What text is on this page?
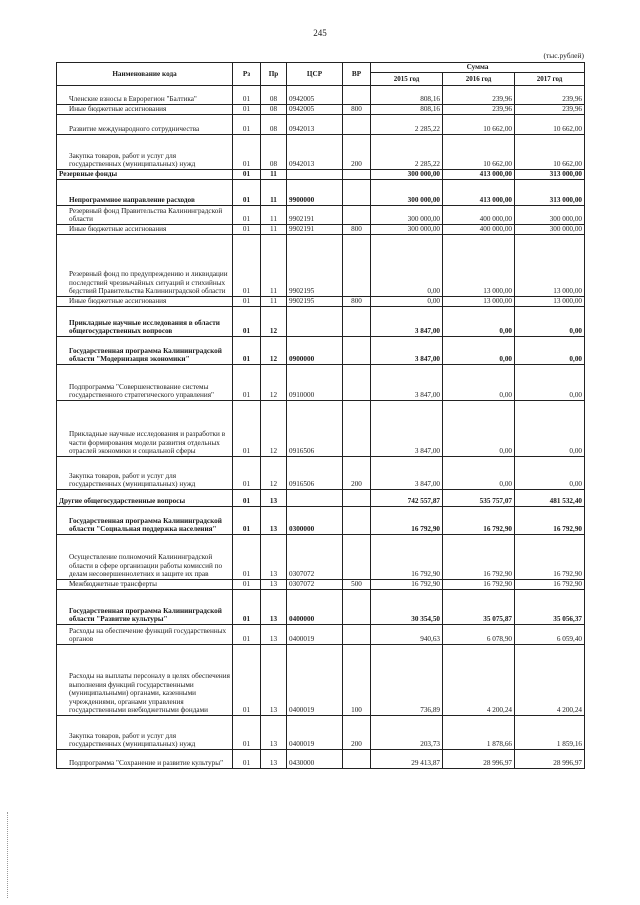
245
(тыс.рублей)
Наименование кода	Рз	Пр	ЦСР	ВР	Сумма		
					2015 год	2016 год	2017 год

Членские взносы в Еврорегион "Балтика"	01	08	0942005		808,16	239,96	239,96
Иные бюджетные ассигнования	01	08	0942005	800	808,16	239,96	239,96
Развитие международного сотрудничества	01	08	0942013		2 285,22	10 662,00	10 662,00
Закупка товаров, работ и услуг для государственных (муниципальных) нужд	01	08	0942013	200	2 285,22	10 662,00	10 662,00
Резервные фонды	01	11			300 000,00	413 000,00	313 000,00
Непрограммное направление расходов	01	11	9900000		300 000,00	413 000,00	313 000,00
Резервный фонд Правительства Калининградской области	01	11	9902191		300 000,00	400 000,00	300 000,00
Иные бюджетные ассигнования	01	11	9902191	800	300 000,00	400 000,00	300 000,00
Резервный фонд по предупреждению и ликвидации последствий чрезвычайных ситуаций и стихийных бедствий Правительства Калининградской области	01	11	9902195		0,00	13 000,00	13 000,00
Иные бюджетные ассигнования	01	11	9902195	800	0,00	13 000,00	13 000,00
Прикладные научные исследования в области общегосударственных вопросов	01	12			3 847,00	0,00	0,00
Государственная программа Калининградской области "Модернизация экономики"	01	12	0900000		3 847,00	0,00	0,00
Подпрограмма "Совершенствование системы государственного стратегического управления"	01	12	0910000		3 847,00	0,00	0,00
Прикладные научные исследования и разработки в части формирования модели развития отдельных отраслей экономики и социальной сферы	01	12	0916506		3 847,00	0,00	0,00
Закупка товаров, работ и услуг для государственных (муниципальных) нужд	01	12	0916506	200	3 847,00	0,00	0,00
Другие общегосударственные вопросы	01	13			742 557,87	535 757,07	481 532,40
Государственная программа Калининградской области "Социальная поддержка населения"	01	13	0300000		16 792,90	16 792,90	16 792,90
Осуществление полномочий Калининградской области в сфере организации работы комиссий по делам несовершеннолетних и защите их прав	01	13	0307072		16 792,90	16 792,90	16 792,90
Межбюджетные трансферты	01	13	0307072	500	16 792,90	16 792,90	16 792,90
Государственная программа Калининградской области "Развитие культуры"	01	13	0400000		30 354,50	35 075,87	35 056,37
Расходы на обеспечение функций государственных органов	01	13	0400019		940,63	6 078,90	6 059,40
Расходы на выплаты персоналу в целях обеспечения выполнения функций государственными (муниципальными) органами, казенными учреждениями, органами управления государственными внебюджетными фондами	01	13	0400019	100	736,89	4 200,24	4 200,24
Закупка товаров, работ и услуг для государственных (муниципальных) нужд	01	13	0400019	200	203,73	1 878,66	1 859,16
Подпрограмма "Сохранение и развитие культуры"	01	13	0430000		29 413,87	28 996,97	28 996,97
